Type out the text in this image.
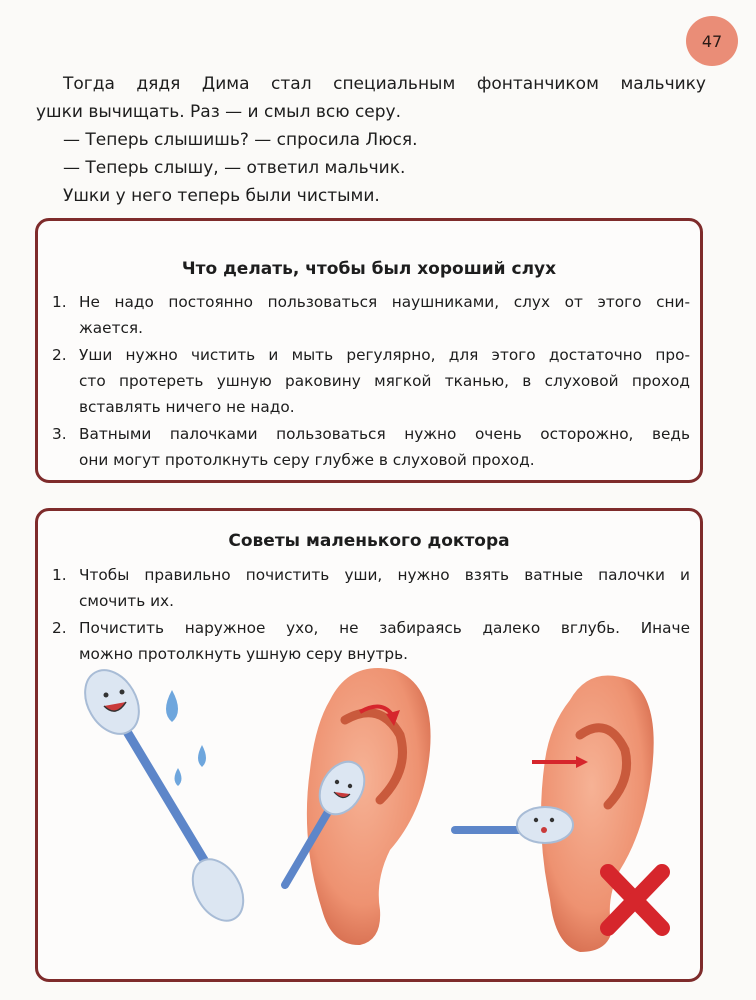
47

Тогда дядя Дима стал специальным фонтанчиком мальчику

ушки вычищать. Раз — и смыл всю серу.

— Теперь слышишь? — спросила Люся.

— Теперь слышу, — ответил мальчик.

Ушки у него теперь были чистыми.

Что делать, чтобы был хороший слух
1. Не надо постоянно пользоваться наушниками, слух от этого сни-
жается.
2. Уши нужно чистить и мыть регулярно, для этого достаточно про-
сто протереть ушную раковину мягкой тканью, в слуховой проход
вставлять ничего не надо.
3. Ватными палочками пользоваться нужно очень осторожно, ведь
они могут протолкнуть серу глубже в слуховой проход.
Советы маленького доктора
1. Чтобы правильно почистить уши, нужно взять ватные палочки и
смочить их.
2. Почистить наружное ухо, не забираясь далеко вглубь. Иначе
можно протолкнуть ушную серу внутрь.
